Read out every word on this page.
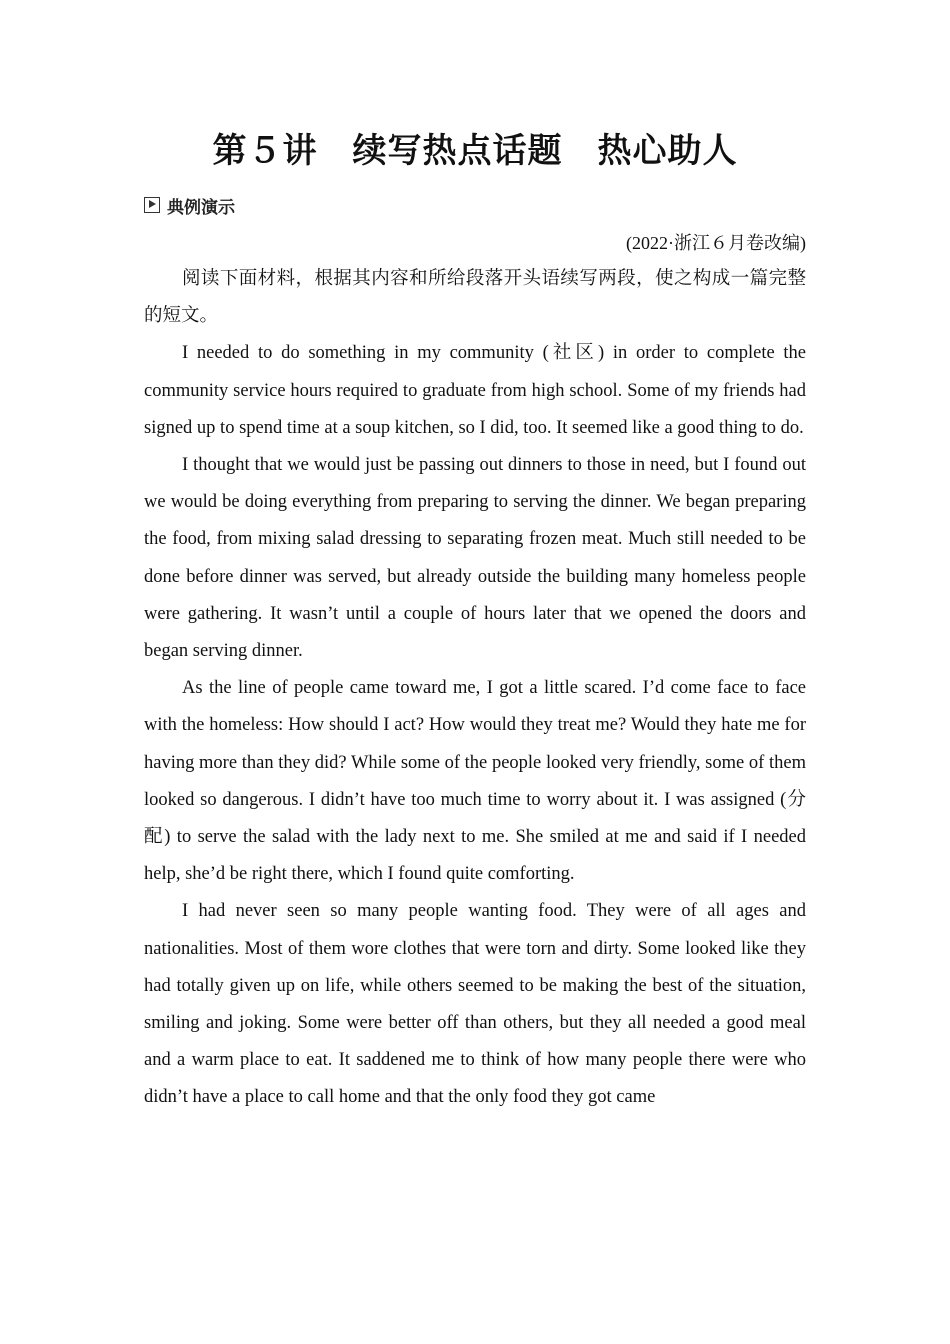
第５讲　续写热点话题　热心助人
典例演示
(2022·浙江６月卷改编)

阅读下面材料，根据其内容和所给段落开头语续写两段，使之构成一篇完整的短文。

I needed to do something in my community (社区) in order to complete the community service hours required to graduate from high school. Some of my friends had signed up to spend time at a soup kitchen, so I did, too. It seemed like a good thing to do.

I thought that we would just be passing out dinners to those in need, but I found out we would be doing everything from preparing to serving the dinner. We began preparing the food, from mixing salad dressing to separating frozen meat. Much still needed to be done before dinner was served, but already outside the building many homeless people were gathering. It wasn’t until a couple of hours later that we opened the doors and began serving dinner.

As the line of people came toward me, I got a little scared. I’d come face to face with the homeless: How should I act? How would they treat me? Would they hate me for having more than they did? While some of the people looked very friendly, some of them looked so dangerous. I didn’t have too much time to worry about it. I was assigned (分配) to serve the salad with the lady next to me. She smiled at me and said if I needed help, she’d be right there, which I found quite comforting.

I had never seen so many people wanting food. They were of all ages and nationalities. Most of them wore clothes that were torn and dirty. Some looked like they had totally given up on life, while others seemed to be making the best of the situation, smiling and joking. Some were better off than others, but they all needed a good meal and a warm place to eat. It saddened me to think of how many people there were who didn’t have a place to call home and that the only food they got came
